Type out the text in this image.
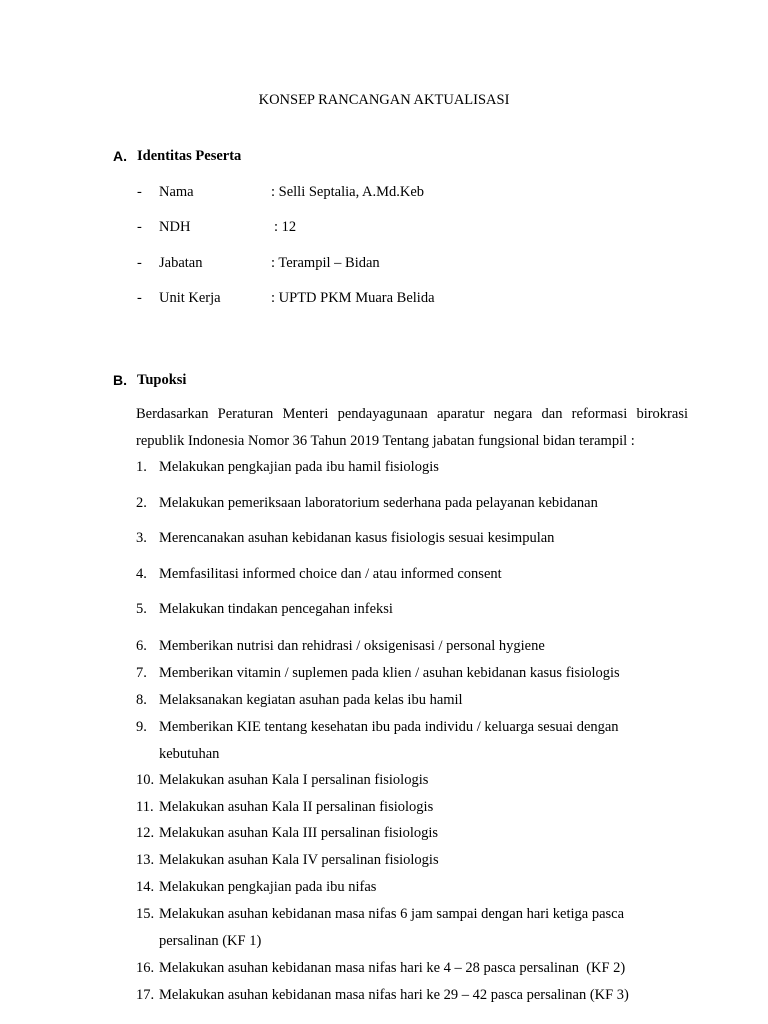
KONSEP RANCANGAN AKTUALISASI
A. Identitas Peserta
- Nama	: Selli Septalia, A.Md.Keb
- NDH	: 12
- Jabatan	: Terampil – Bidan
- Unit Kerja	: UPTD PKM Muara Belida
B. Tupoksi

Berdasarkan Peraturan Menteri pendayagunaan aparatur negara dan reformasi birokrasi

republik Indonesia Nomor 36 Tahun 2019 Tentang jabatan fungsional bidan terampil :

1. Melakukan pengkajian pada ibu hamil fisiologis
2. Melakukan pemeriksaan laboratorium sederhana pada pelayanan kebidanan
3. Merencanakan asuhan kebidanan kasus fisiologis sesuai kesimpulan
4. Memfasilitasi informed choice dan / atau informed consent
5. Melakukan tindakan pencegahan infeksi
6. Memberikan nutrisi dan rehidrasi / oksigenisasi / personal hygiene
7. Memberikan vitamin / suplemen pada klien / asuhan kebidanan kasus fisiologis
8. Melaksanakan kegiatan asuhan pada kelas ibu hamil
9. Memberikan KIE tentang kesehatan ibu pada individu / keluarga sesuai dengan
kebutuhan
10. Melakukan asuhan Kala I persalinan fisiologis
11. Melakukan asuhan Kala II persalinan fisiologis
12. Melakukan asuhan Kala III persalinan fisiologis
13. Melakukan asuhan Kala IV persalinan fisiologis
14. Melakukan pengkajian pada ibu nifas
15. Melakukan asuhan kebidanan masa nifas 6 jam sampai dengan hari ketiga pasca
persalinan (KF 1)
16. Melakukan asuhan kebidanan masa nifas hari ke 4 – 28 pasca persalinan  (KF 2)
17. Melakukan asuhan kebidanan masa nifas hari ke 29 – 42 pasca persalinan (KF 3)
